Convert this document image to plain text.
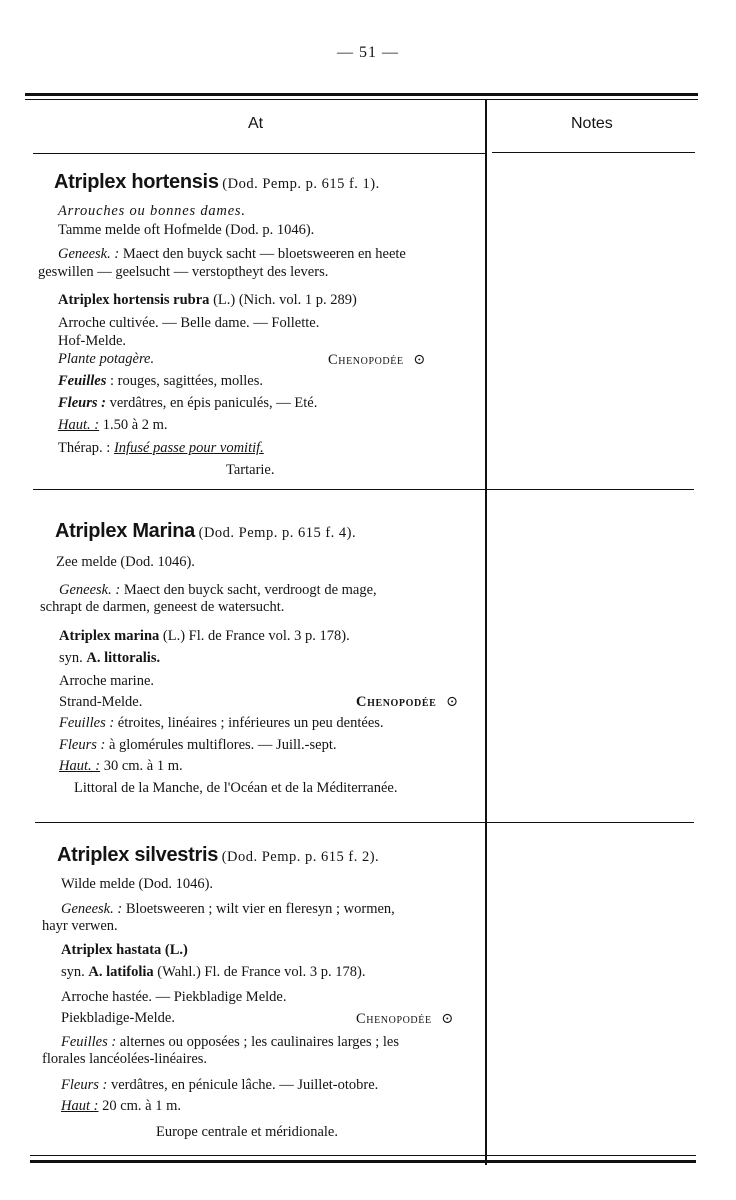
— 51 —
At	Notes
Atriplex hortensis (Dod. Pemp. p. 615 f. 1).
Arrouches ou bonnes dames.
Tamme melde oft Hofmelde (Dod. p. 1046).
Geneesk. : Maect den buyck sacht — bloetsweeren en heete
geswillen — geelsucht — verstoptheyt des levers.
Atriplex hortensis rubra (L.) (Nich. vol. 1 p. 289)
Arroche cultivée. — Belle dame. — Follette.
Hof-Melde.
Plante potagère.	Chenopodée ⊙
Feuilles : rouges, sagittées, molles.
Fleurs : verdâtres, en épis paniculés, — Eté.
Haut. : 1.50 à 2 m.
Thérap. : Infusé passe pour vomitif.
Tartarie.
Atriplex Marina (Dod. Pemp. p. 615 f. 4).
Zee melde (Dod. 1046).
Geneesk. : Maect den buyck sacht, verdroogt de mage,
schrapt de darmen, geneest de watersucht.
Atriplex marina (L.) Fl. de France vol. 3 p. 178).
syn. A. littoralis.
Arroche marine.
Strand-Melde.	Chenopodée ⊙
Feuilles : étroites, linéaires ; inférieures un peu dentées.
Fleurs : à glomérules multiflores. — Juill.-sept.
Haut. : 30 cm. à 1 m.
Littoral de la Manche, de l'Océan et de la Méditerranée.
Atriplex silvestris (Dod. Pemp. p. 615 f. 2).
Wilde melde (Dod. 1046).
Geneesk. : Bloetsweeren ; wilt vier en fleresyn ; wormen,
hayr verwen.
Atriplex hastata (L.)
syn. A. latifolia (Wahl.) Fl. de France vol. 3 p. 178).
Arroche hastée. — Piekbladige Melde.
Piekbladige-Melde.	Chenopodée ⊙
Feuilles : alternes ou opposées ; les caulinaires larges ; les
florales lancéolées-linéaires.
Fleurs : verdâtres, en pénicule lâche. — Juillet-otobre.
Haut : 20 cm. à 1 m.
Europe centrale et méridionale.
